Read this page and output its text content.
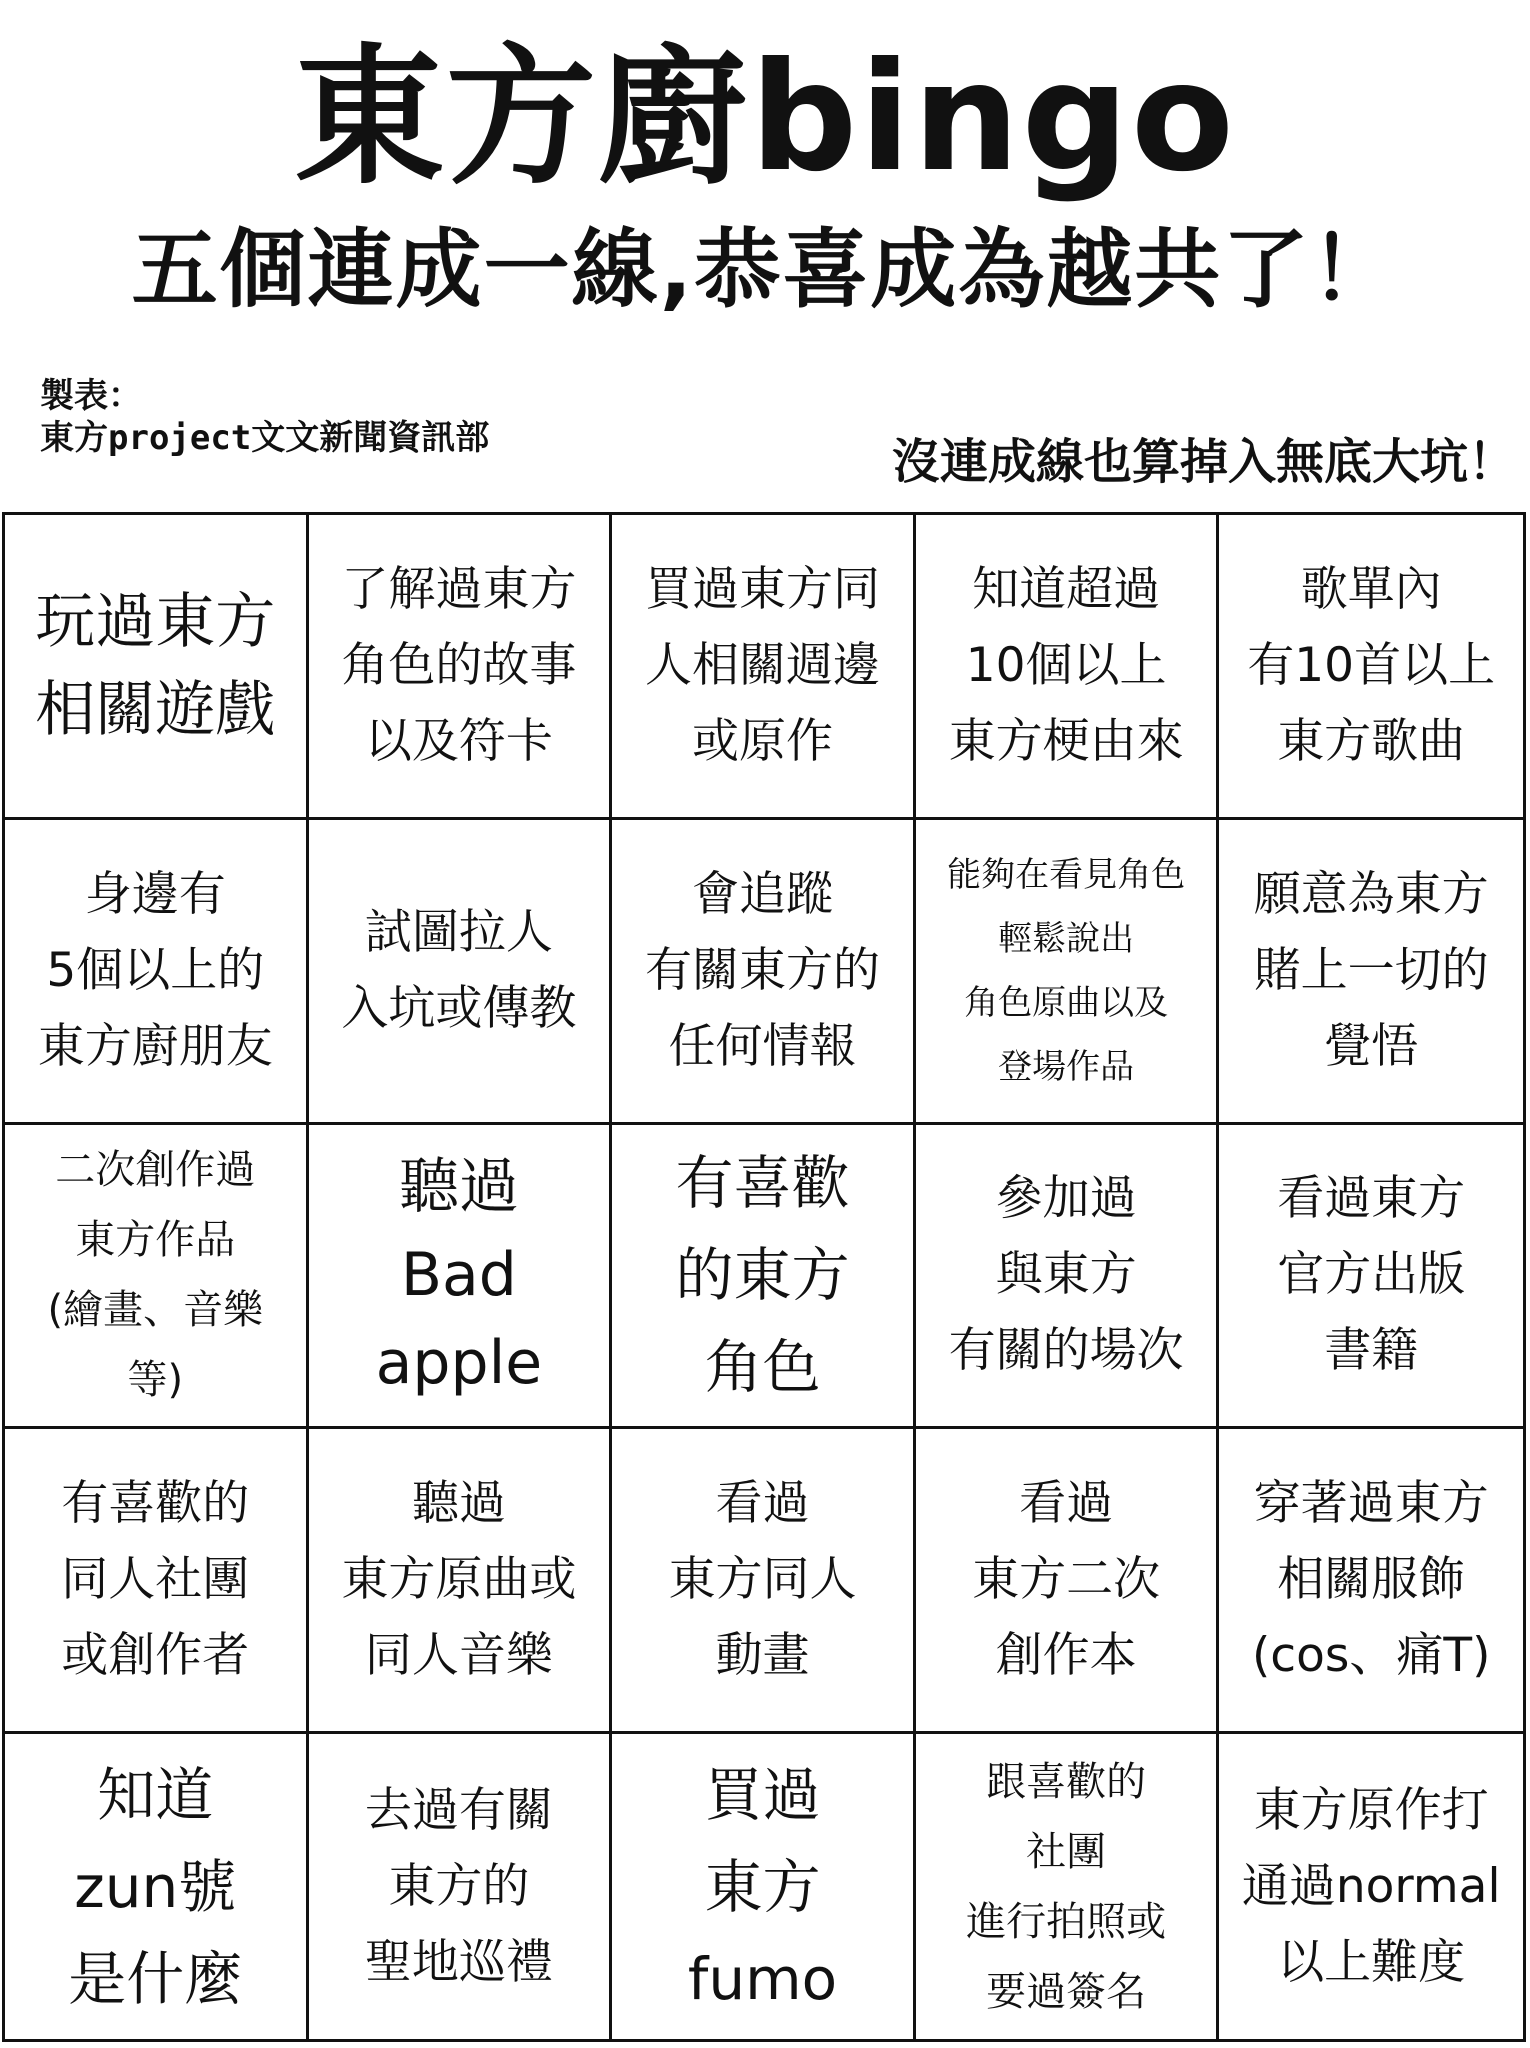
東方廚bingo
五個連成一線,恭喜成為越共了！
製表：
東方project文文新聞資訊部	沒連成線也算掉入無底大坑！
玩過東方
相關遊戲
了解過東方
角色的故事
以及符卡
買過東方同
人相關週邊
或原作
知道超過
10個以上
東方梗由來
歌單內
有10首以上
東方歌曲
身邊有
5個以上的
東方廚朋友
試圖拉人
入坑或傳教
會追蹤
有關東方的
任何情報
能夠在看見角色
輕鬆說出
角色原曲以及
登場作品
願意為東方
賭上一切的
覺悟
二次創作過
東方作品
(繪畫、音樂
等)
聽過
Bad
apple
有喜歡
的東方
角色
參加過
與東方
有關的場次
看過東方
官方出版
書籍
有喜歡的
同人社團
或創作者
聽過
東方原曲或
同人音樂
看過
東方同人
動畫
看過
東方二次
創作本
穿著過東方
相關服飾
(cos、痛T)
知道
zun號
是什麼
去過有關
東方的
聖地巡禮
買過
東方
fumo
跟喜歡的
社團
進行拍照或
要過簽名
東方原作打
通過normal
以上難度
